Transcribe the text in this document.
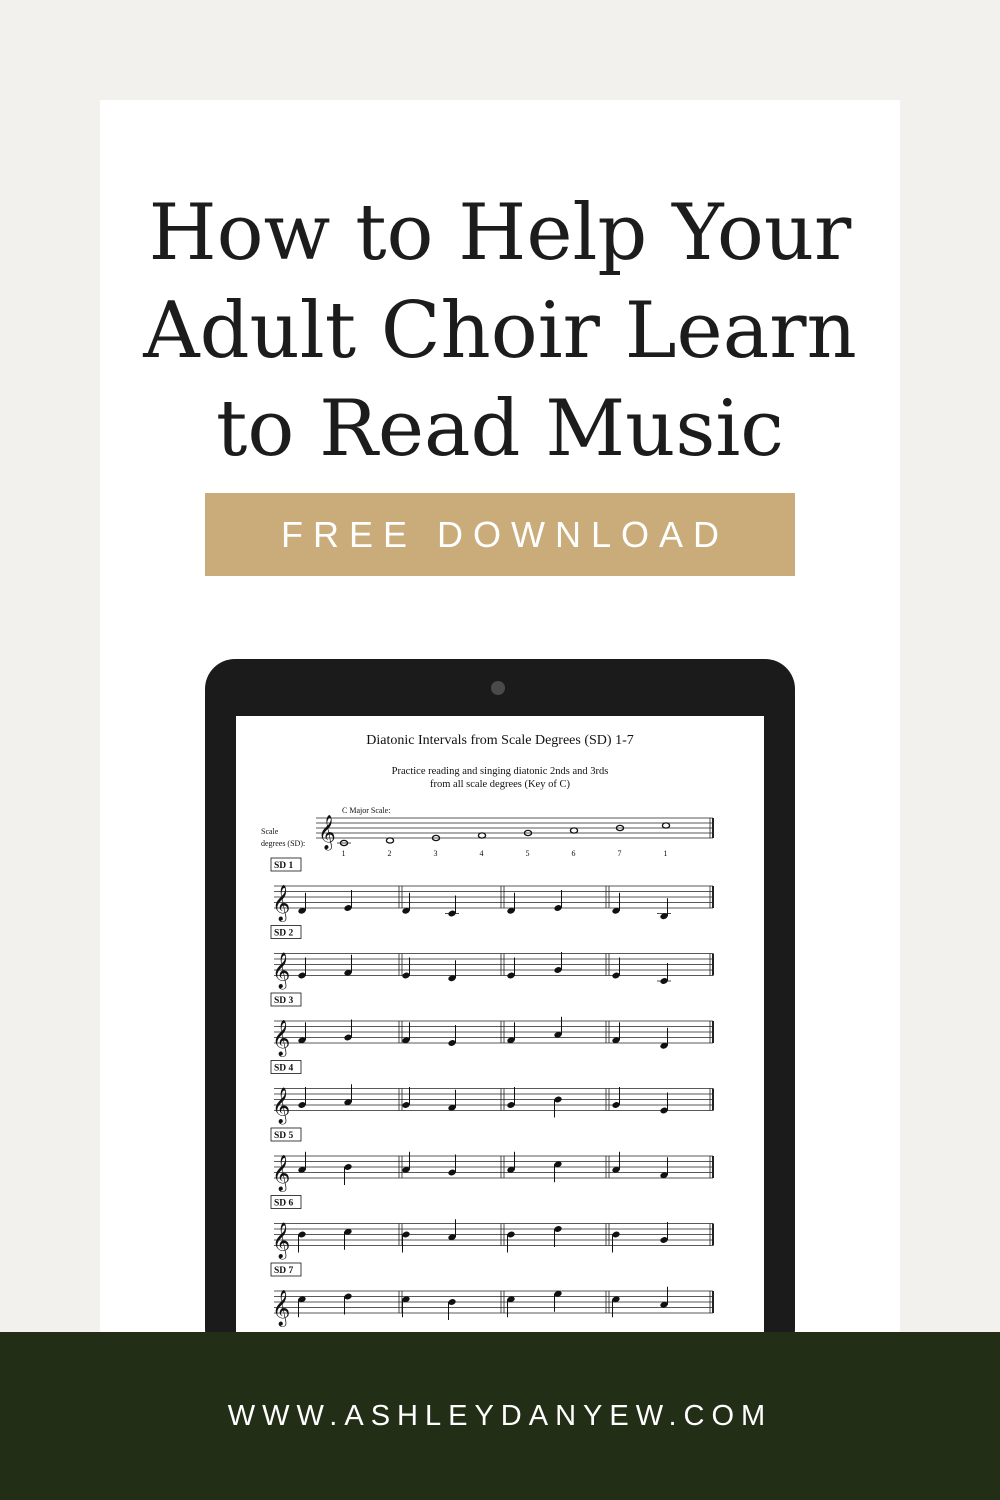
How to Help Your
Adult Choir Learn
to Read Music
FREE DOWNLOAD
Diatonic Intervals from Scale Degrees (SD) 1-7
Practice reading and singing diatonic 2nds and 3rds
from all scale degrees (Key of C)
𝄞
C Major Scale:
Scale
degrees (SD):
1	2	3	4	5	6	7	1
SD 1
𝄞
SD 2
𝄞
SD 3
𝄞
SD 4
𝄞
SD 5
𝄞
SD 6
𝄞
SD 7
𝄞
WWW.ASHLEYDANYEW.COM
